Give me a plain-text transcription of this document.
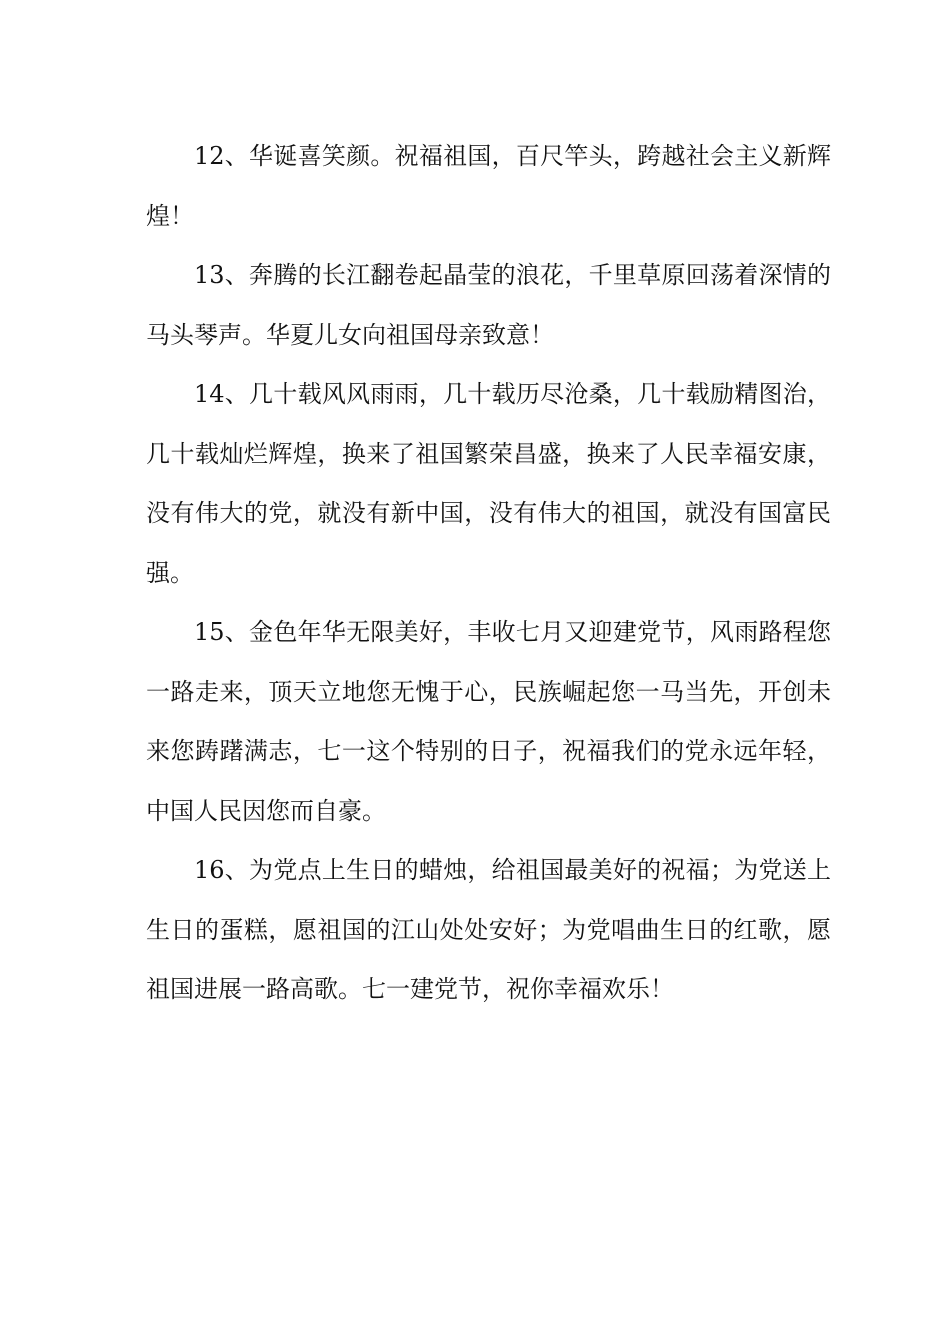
12、华诞喜笑颜。祝福祖国，百尺竿头，跨越社会主义新辉煌！

13、奔腾的长江翻卷起晶莹的浪花，千里草原回荡着深情的马头琴声。华夏儿女向祖国母亲致意！

14、几十载风风雨雨，几十载历尽沧桑，几十载励精图治，几十载灿烂辉煌，换来了祖国繁荣昌盛，换来了人民幸福安康，没有伟大的党，就没有新中国，没有伟大的祖国，就没有国富民强。

15、金色年华无限美好，丰收七月又迎建党节，风雨路程您一路走来，顶天立地您无愧于心，民族崛起您一马当先，开创未来您踌躇满志，七一这个特别的日子，祝福我们的党永远年轻，中国人民因您而自豪。

16、为党点上生日的蜡烛，给祖国最美好的祝福；为党送上生日的蛋糕，愿祖国的江山处处安好；为党唱曲生日的红歌，愿祖国进展一路高歌。七一建党节，祝你幸福欢乐！
